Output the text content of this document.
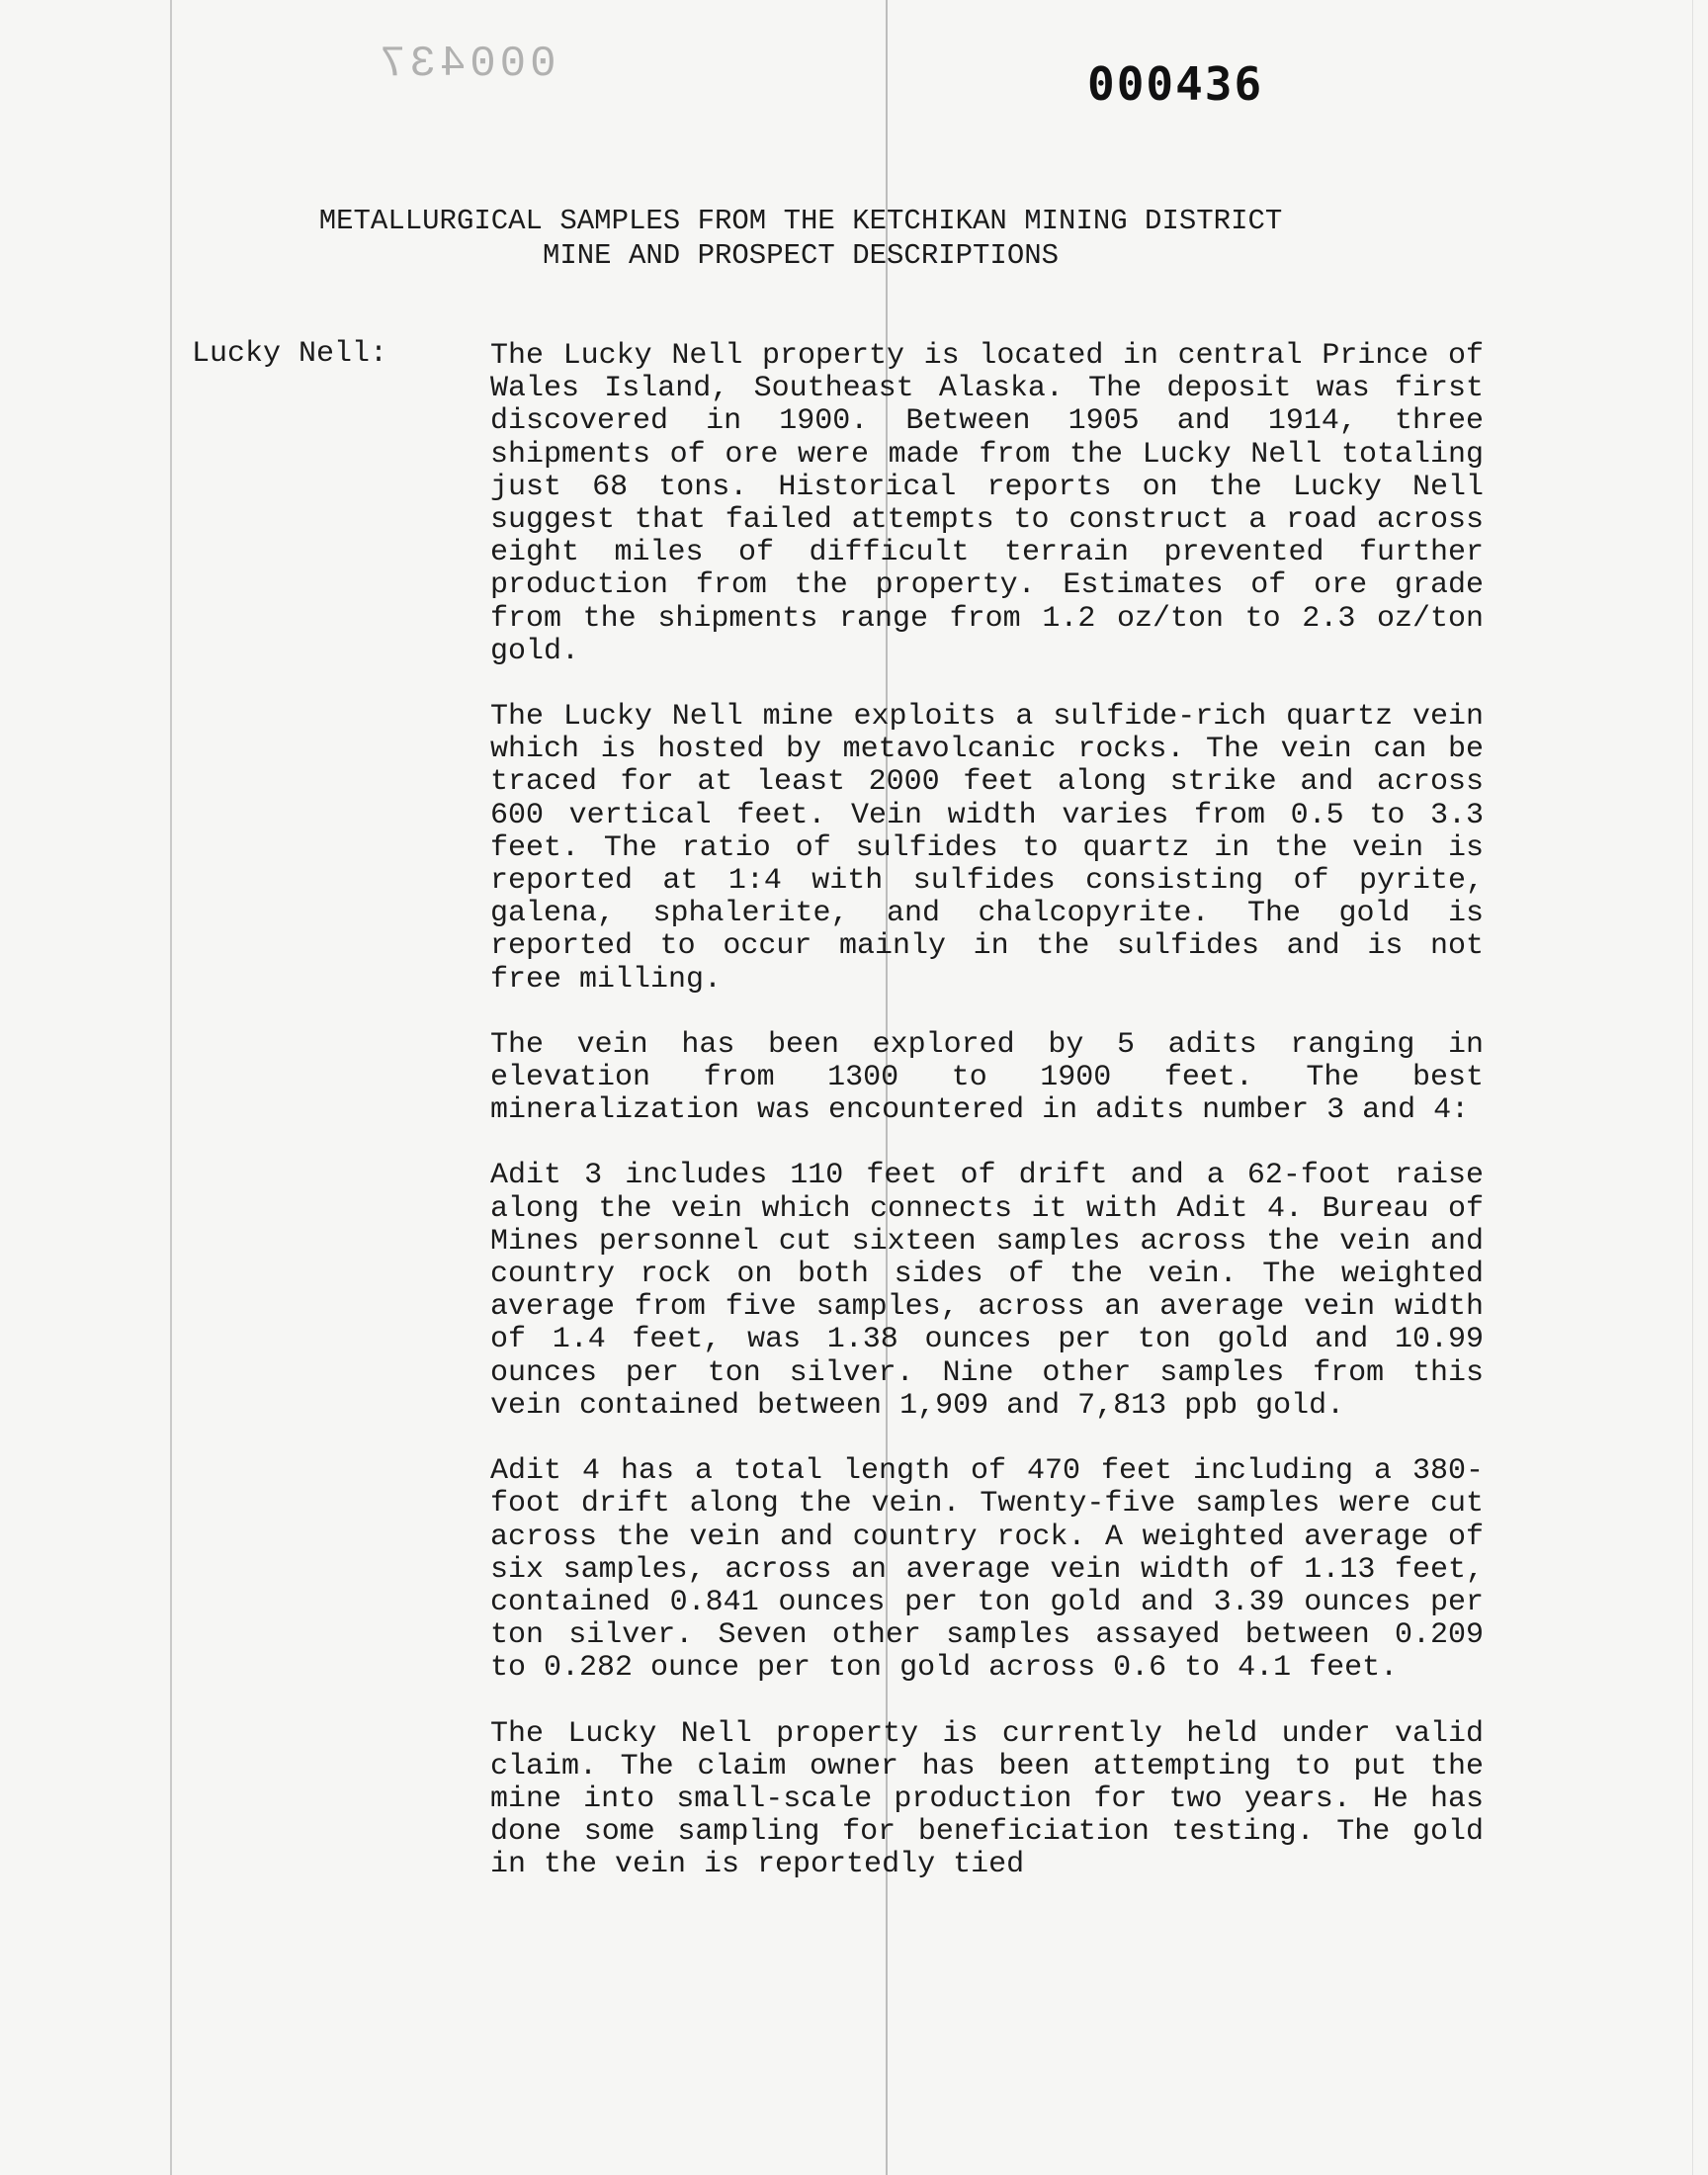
000437	000436
METALLURGICAL SAMPLES FROM THE KETCHIKAN MINING DISTRICT
MINE AND PROSPECT DESCRIPTIONS
Lucky Nell:	The Lucky Nell property is located in central Prince of Wales Island, Southeast Alaska. The deposit was first discovered in 1900. Between 1905 and 1914, three shipments of ore were made from the Lucky Nell totaling just 68 tons. Historical reports on the Lucky Nell suggest that failed attempts to construct a road across eight miles of difficult terrain prevented further production from the property. Estimates of ore grade from the shipments range from 1.2 oz/ton to 2.3 oz/ton gold.

The Lucky Nell mine exploits a sulfide-rich quartz vein which is hosted by metavolcanic rocks. The vein can be traced for at least 2000 feet along strike and across 600 vertical feet. Vein width varies from 0.5 to 3.3 feet. The ratio of sulfides to quartz in the vein is reported at 1:4 with sulfides consisting of pyrite, galena, sphalerite, and chalcopyrite. The gold is reported to occur mainly in the sulfides and is not free milling.

The vein has been explored by 5 adits ranging in elevation from 1300 to 1900 feet. The best mineralization was encountered in adits number 3 and 4:

Adit 3 includes 110 feet of drift and a 62-foot raise along the vein which connects it with Adit 4. Bureau of Mines personnel cut sixteen samples across the vein and country rock on both sides of the vein. The weighted average from five samples, across an average vein width of 1.4 feet, was 1.38 ounces per ton gold and 10.99 ounces per ton silver. Nine other samples from this vein contained between 1,909 and 7,813 ppb gold.

Adit 4 has a total length of 470 feet including a 380-foot drift along the vein. Twenty-five samples were cut across the vein and country rock. A weighted average of six samples, across an average vein width of 1.13 feet, contained 0.841 ounces per ton gold and 3.39 ounces per ton silver. Seven other samples assayed between 0.209 to 0.282 ounce per ton gold across 0.6 to 4.1 feet.

The Lucky Nell property is currently held under valid claim. The claim owner has been attempting to put the mine into small-scale production for two years. He has done some sampling for beneficiation testing. The gold in the vein is reportedly tied
